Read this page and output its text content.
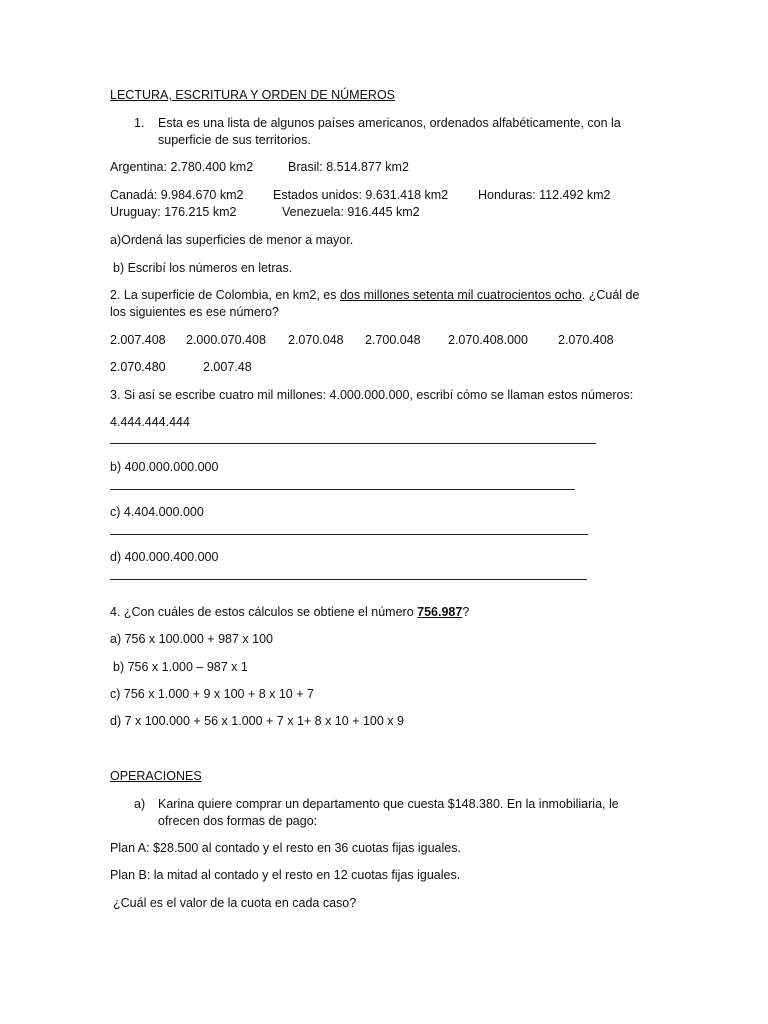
LECTURA, ESCRITURA Y ORDEN DE NÚMEROS
1. Esta es una lista de algunos países americanos, ordenados alfabéticamente, con la
superficie de sus territorios.
Argentina: 2.780.400 km2	Brasil: 8.514.877 km2
Canadá: 9.984.670 km2 Estados unidos: 9.631.418 km2 Honduras: 112.492 km2
Uruguay: 176.215 km2	Venezuela: 916.445 km2
a)Ordená las superficies de menor a mayor.
b) Escribí los números en letras.
2. La superficie de Colombia, en km2, es dos millones setenta mil cuatrocientos ocho. ¿Cuál de
los siguientes es ese número?
2.007.408 2.000.070.408 2.070.048 2.700.048 2.070.408.000 2.070.408
2.070.480	2.007.48
3. Si así se escribe cuatro mil millones: 4.000.000.000, escribí cómo se llaman estos números:
4.444.444.444
b) 400.000.000.000
c) 4.404.000.000
d) 400.000.400.000
4. ¿Con cuáles de estos cálculos se obtiene el número 756.987?
a) 756 x 100.000 + 987 x 100
b) 756 x 1.000 – 987 x 1
c) 756 x 1.000 + 9 x 100 + 8 x 10 + 7
d) 7 x 100.000 + 56 x 1.000 + 7 x 1+ 8 x 10 + 100 x 9
OPERACIONES
a) Karina quiere comprar un departamento que cuesta $148.380. En la inmobiliaria, le
ofrecen dos formas de pago:
Plan A: $28.500 al contado y el resto en 36 cuotas fijas iguales.
Plan B: la mitad al contado y el resto en 12 cuotas fijas iguales.
¿Cuál es el valor de la cuota en cada caso?
